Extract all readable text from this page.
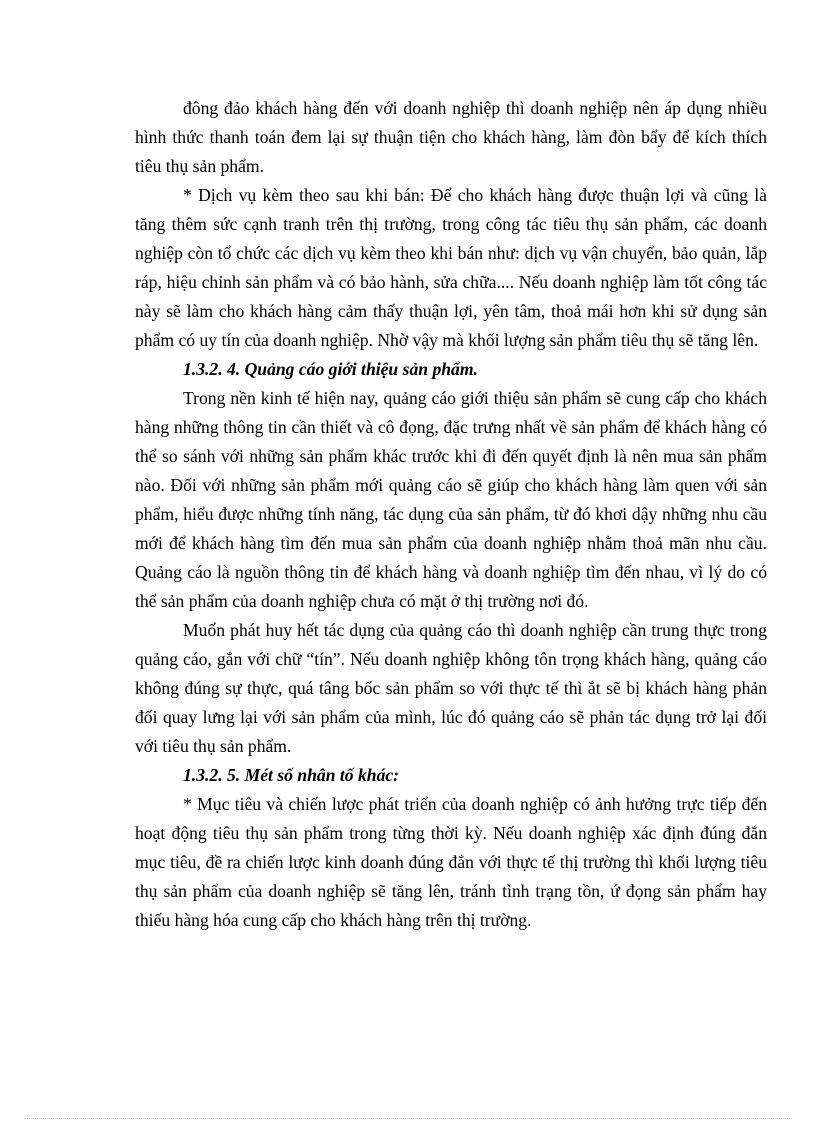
đông đảo khách hàng đến với doanh nghiệp thì doanh nghiệp nên áp dụng nhiều hình thức thanh toán đem lại sự thuận tiện cho khách hàng, làm đòn bẩy để kích thích tiêu thụ sản phẩm.

* Dịch vụ kèm theo sau khi bán: Để cho khách hàng được thuận lợi và cũng là tăng thêm sức cạnh tranh trên thị trường, trong công tác tiêu thụ sản phẩm, các doanh nghiệp còn tổ chức các dịch vụ kèm theo khi bán như: dịch vụ vận chuyển, bảo quản, lắp ráp, hiệu chỉnh sản phẩm và có bảo hành, sửa chữa.... Nếu doanh nghiệp làm tốt công tác này sẽ làm cho khách hàng cảm thấy thuận lợi, yên tâm, thoả mái hơn khi sử dụng sản phẩm có uy tín của doanh nghiệp. Nhờ vậy mà khối lượng sản phẩm tiêu thụ sẽ tăng lên.

1.3.2. 4. Quảng cáo giới thiệu sản phẩm.

Trong nền kinh tế hiện nay, quảng cáo giới thiệu sản phẩm sẽ cung cấp cho khách hàng những thông tin cần thiết và cô đọng, đặc trưng nhất về sản phẩm để khách hàng có thể so sánh với những sản phẩm khác trước khi đi đến quyết định là nên mua sản phẩm nào. Đối với những sản phẩm mới quảng cáo sẽ giúp cho khách hàng làm quen với sản phẩm, hiểu được những tính năng, tác dụng của sản phẩm, từ đó khơi dậy những nhu cầu mới để khách hàng tìm đến mua sản phẩm của doanh nghiệp nhằm thoả mãn nhu cầu. Quảng cáo là nguồn thông tin để khách hàng và doanh nghiệp tìm đến nhau, vì lý do có thể sản phẩm của doanh nghiệp chưa có mặt ở thị trường nơi đó.

Muốn phát huy hết tác dụng của quảng cáo thì doanh nghiệp cần trung thực trong quảng cáo, gắn với chữ “tín”. Nếu doanh nghiệp không tôn trọng khách hàng, quảng cáo không đúng sự thực, quá tâng bốc sản phẩm so với thực tế thì ắt sẽ bị khách hàng phản đối quay lưng lại với sản phẩm của mình, lúc đó quảng cáo sẽ phản tác dụng trở lại đối với tiêu thụ sản phẩm.

1.3.2. 5. Mét số nhân tố khác:

* Mục tiêu và chiến lược phát triển của doanh nghiệp có ảnh hưởng trực tiếp đến hoạt động tiêu thụ sản phẩm trong từng thời kỳ. Nếu doanh nghiệp xác định đúng đắn mục tiêu, đề ra chiến lược kinh doanh đúng đắn với thực tế thị trường thì khối lượng tiêu thụ sản phẩm của doanh nghiệp sẽ tăng lên, tránh tình trạng tồn, ứ đọng sản phẩm hay thiếu hàng hóa cung cấp cho khách hàng trên thị trường.
